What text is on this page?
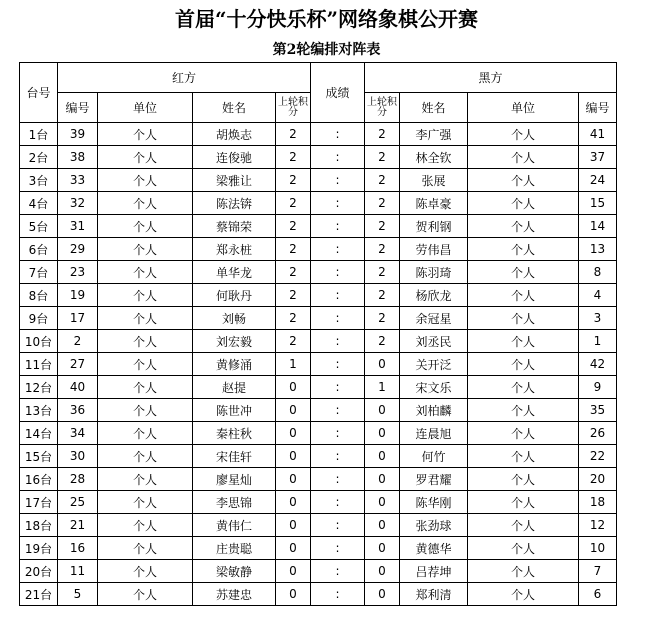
首届“十分快乐杯”网络象棋公开赛
第2轮编排对阵表
台号	红方				成绩	黑方			
	编号	单位	姓名	上轮积分		上轮积分	姓名	单位	编号
1台	39	个人	胡焕志	2	:	2	李广强	个人	41
2台	38	个人	连俊驰	2	:	2	林全钦	个人	37
3台	33	个人	梁雅让	2	:	2	张展	个人	24
4台	32	个人	陈法锛	2	:	2	陈卓豪	个人	15
5台	31	个人	蔡锦荣	2	:	2	贺利钢	个人	14
6台	29	个人	郑永桩	2	:	2	劳伟昌	个人	13
7台	23	个人	单华龙	2	:	2	陈羽琦	个人	8
8台	19	个人	何耿丹	2	:	2	杨欣龙	个人	4
9台	17	个人	刘畅	2	:	2	余冠星	个人	3
10台	2	个人	刘宏毅	2	:	2	刘丞民	个人	1
11台	27	个人	黄修涌	1	:	0	关开泛	个人	42
12台	40	个人	赵提	0	:	1	宋文乐	个人	9
13台	36	个人	陈世冲	0	:	0	刘柏麟	个人	35
14台	34	个人	秦柱秋	0	:	0	连晨旭	个人	26
15台	30	个人	宋佳轩	0	:	0	何竹	个人	22
16台	28	个人	廖星灿	0	:	0	罗君耀	个人	20
17台	25	个人	李思锦	0	:	0	陈华刚	个人	18
18台	21	个人	黄伟仁	0	:	0	张劲球	个人	12
19台	16	个人	庄贵聪	0	:	0	黄德华	个人	10
20台	11	个人	梁敏静	0	:	0	吕荐坤	个人	7
21台	5	个人	苏建忠	0	:	0	郑利清	个人	6
